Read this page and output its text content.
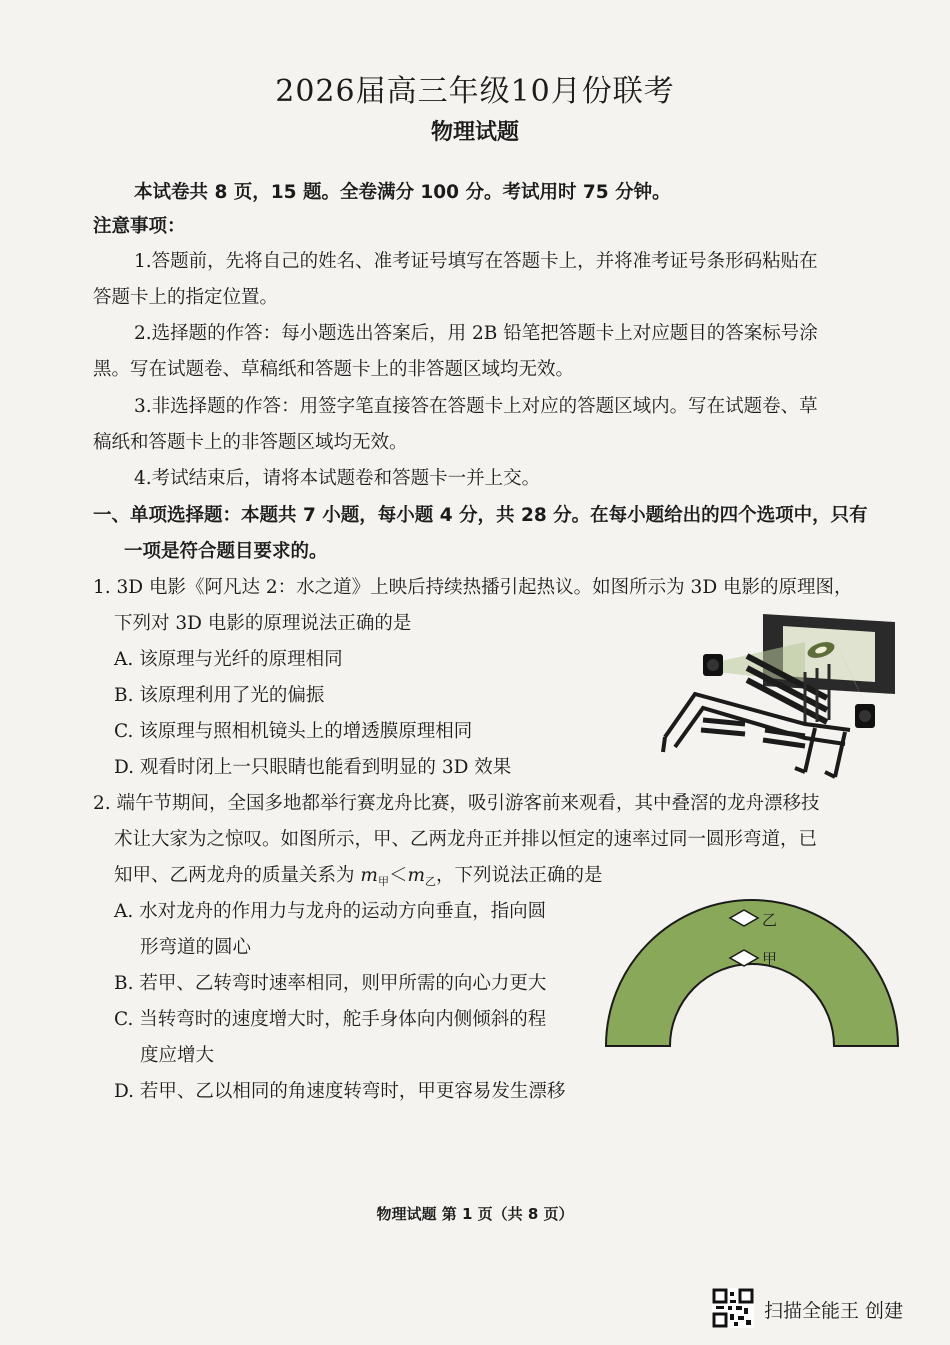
2026届高三年级10月份联考
物理试题
本试卷共 8 页，15 题。全卷满分 100 分。考试用时 75 分钟。
注意事项：
1.答题前，先将自己的姓名、准考证号填写在答题卡上，并将准考证号条形码粘贴在
答题卡上的指定位置。
2.选择题的作答：每小题选出答案后，用 2B 铅笔把答题卡上对应题目的答案标号涂
黑。写在试题卷、草稿纸和答题卡上的非答题区域均无效。
3.非选择题的作答：用签字笔直接答在答题卡上对应的答题区域内。写在试题卷、草
稿纸和答题卡上的非答题区域均无效。
4.考试结束后，请将本试题卷和答题卡一并上交。
一、单项选择题：本题共 7 小题，每小题 4 分，共 28 分。在每小题给出的四个选项中，只有
一项是符合题目要求的。
1. 3D 电影《阿凡达 2：水之道》上映后持续热播引起热议。如图所示为 3D 电影的原理图，
下列对 3D 电影的原理说法正确的是
A. 该原理与光纤的原理相同
B. 该原理利用了光的偏振
C. 该原理与照相机镜头上的增透膜原理相同
D. 观看时闭上一只眼睛也能看到明显的 3D 效果
2. 端午节期间，全国多地都举行赛龙舟比赛，吸引游客前来观看，其中叠滘的龙舟漂移技
术让大家为之惊叹。如图所示，甲、乙两龙舟正并排以恒定的速率过同一圆形弯道，已
知甲、乙两龙舟的质量关系为 $m_甲<m_乙$，下列说法正确的是
A. 水对龙舟的作用力与龙舟的运动方向垂直，指向圆
形弯道的圆心
B. 若甲、乙转弯时速率相同，则甲所需的向心力更大
C. 当转弯时的速度增大时，舵手身体向内侧倾斜的程
度应增大
D. 若甲、乙以相同的角速度转弯时，甲更容易发生漂移
乙
甲
物理试题 第 1 页（共 8 页）
扫描全能王 创建
